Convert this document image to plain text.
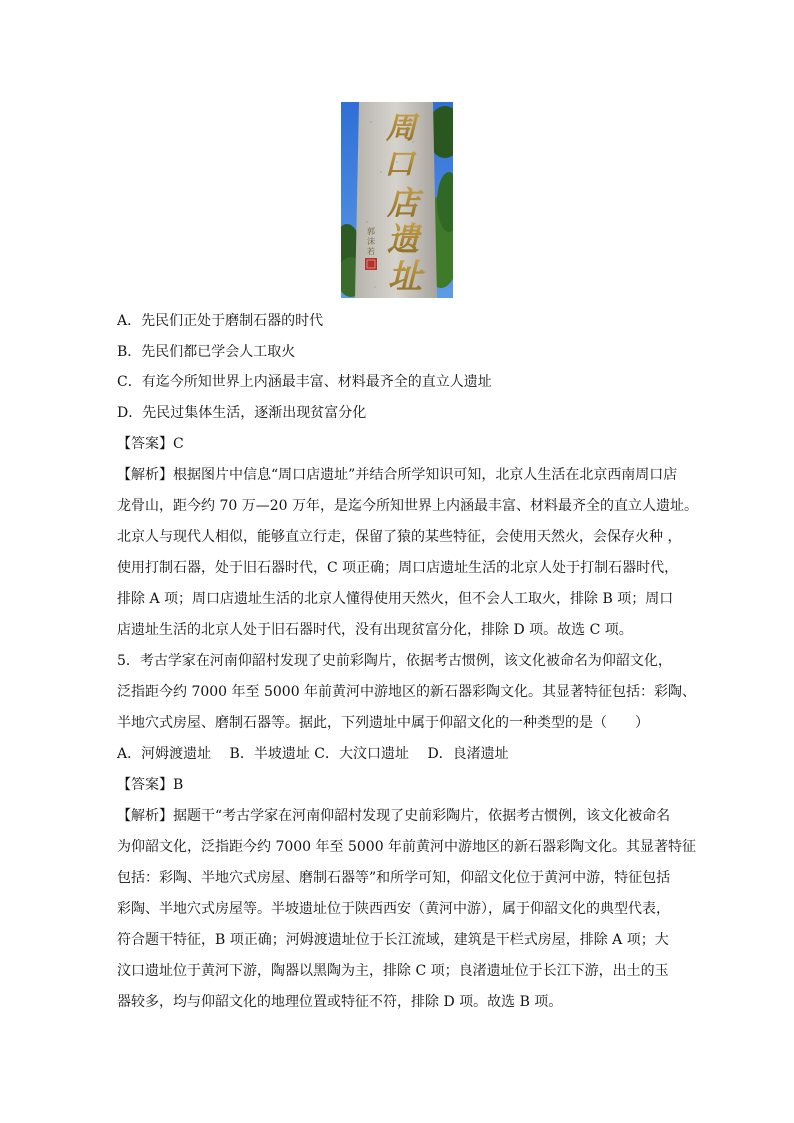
周
口
店
遗
址
郭
沫
若
A．先民们正处于磨制石器的时代
B．先民们都已学会人工取火
C．有迄今所知世界上内涵最丰富、材料最齐全的直立人遗址
D．先民过集体生活，逐渐出现贫富分化
【答案】C
【解析】根据图片中信息“周口店遗址”并结合所学知识可知，北京人生活在北京西南周口店
龙骨山，距今约 70 万—20 万年，是迄今所知世界上内涵最丰富、材料最齐全的直立人遗址。
北京人与现代人相似，能够直立行走，保留了猿的某些特征，会使用天然火，会保存火种 ，
使用打制石器，处于旧石器时代，C 项正确；周口店遗址生活的北京人处于打制石器时代，
排除 A 项；周口店遗址生活的北京人懂得使用天然火，但不会人工取火，排除 B 项；周口
店遗址生活的北京人处于旧石器时代，没有出现贫富分化，排除 D 项。故选 C 项。
5．考古学家在河南仰韶村发现了史前彩陶片，依据考古惯例，该文化被命名为仰韶文化，
泛指距今约 7000 年至 5000 年前黄河中游地区的新石器彩陶文化。其显著特征包括：彩陶、
半地穴式房屋、磨制石器等。据此，下列遗址中属于仰韶文化的一种类型的是（　　）
A．河姆渡遗址　 B．半坡遗址 C．大汶口遗址　 D．良渚遗址
【答案】B
【解析】据题干“考古学家在河南仰韶村发现了史前彩陶片，依据考古惯例，该文化被命名
为仰韶文化，泛指距今约 7000 年至 5000 年前黄河中游地区的新石器彩陶文化。其显著特征
包括：彩陶、半地穴式房屋、磨制石器等”和所学可知，仰韶文化位于黄河中游，特征包括
彩陶、半地穴式房屋等。半坡遗址位于陕西西安（黄河中游），属于仰韶文化的典型代表，
符合题干特征，B 项正确；河姆渡遗址位于长江流域，建筑是干栏式房屋，排除 A 项；大
汶口遗址位于黄河下游，陶器以黑陶为主，排除 C 项；良渚遗址位于长江下游，出土的玉
器较多，均与仰韶文化的地理位置或特征不符，排除 D 项。故选 B 项。
